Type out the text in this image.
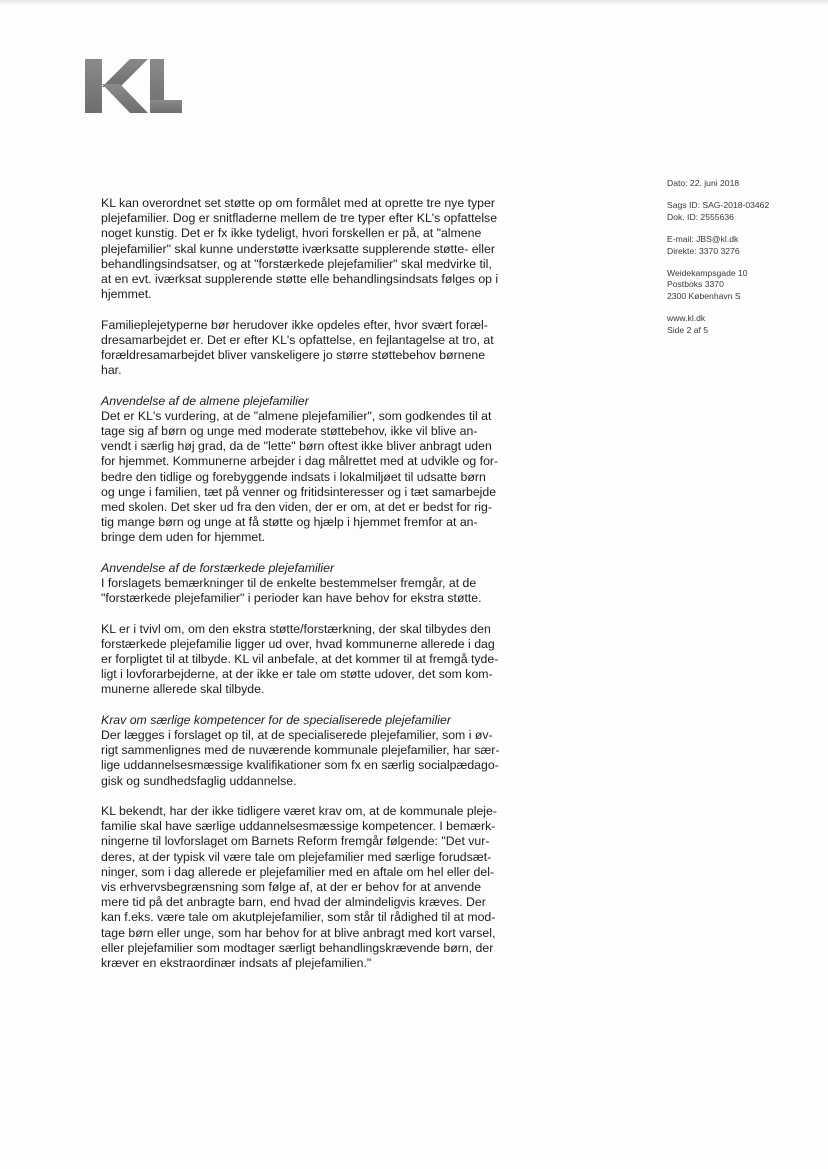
Dato: 22. juni 2018
Sags ID: SAG-2018-03462
Dok. ID: 2555636
E-mail: JBS@kl.dk
Direkte: 3370 3276
Weidekampsgade 10
Postboks 3370
2300 København S
www.kl.dk
Side 2 af 5
KL kan overordnet set støtte op om formålet med at oprette tre nye typer
plejefamilier. Dog er snitfladerne mellem de tre typer efter KL's opfattelse
noget kunstig. Det er fx ikke tydeligt, hvori forskellen er på, at "almene
plejefamilier" skal kunne understøtte iværksatte supplerende støtte- eller
behandlingsindsatser, og at "forstærkede plejefamilier" skal medvirke til,
at en evt. iværksat supplerende støtte elle behandlingsindsats følges op i
hjemmet.
Familieplejetyperne bør herudover ikke opdeles efter, hvor svært foræl-
dresamarbejdet er. Det er efter KL's opfattelse, en fejlantagelse at tro, at
forældresamarbejdet bliver vanskeligere jo større støttebehov børnene
har.
Anvendelse af de almene plejefamilier
Det er KL's vurdering, at de "almene plejefamilier", som godkendes til at
tage sig af børn og unge med moderate støttebehov, ikke vil blive an-
vendt i særlig høj grad, da de "lette" børn oftest ikke bliver anbragt uden
for hjemmet. Kommunerne arbejder i dag målrettet med at udvikle og for-
bedre den tidlige og forebyggende indsats i lokalmiljøet til udsatte børn
og unge i familien, tæt på venner og fritidsinteresser og i tæt samarbejde
med skolen. Det sker ud fra den viden, der er om, at det er bedst for rig-
tig mange børn og unge at få støtte og hjælp i hjemmet fremfor at an-
bringe dem uden for hjemmet.
Anvendelse af de forstærkede plejefamilier
I forslagets bemærkninger til de enkelte bestemmelser fremgår, at de
"forstærkede plejefamilier" i perioder kan have behov for ekstra støtte.
KL er i tvivl om, om den ekstra støtte/forstærkning, der skal tilbydes den
forstærkede plejefamilie ligger ud over, hvad kommunerne allerede i dag
er forpligtet til at tilbyde. KL vil anbefale, at det kommer til at fremgå tyde-
ligt i lovforarbejderne, at der ikke er tale om støtte udover, det som kom-
munerne allerede skal tilbyde.
Krav om særlige kompetencer for de specialiserede plejefamilier
Der lægges i forslaget op til, at de specialiserede plejefamilier, som i øv-
rigt sammenlignes med de nuværende kommunale plejefamilier, har sær-
lige uddannelsesmæssige kvalifikationer som fx en særlig socialpædago-
gisk og sundhedsfaglig uddannelse.
KL bekendt, har der ikke tidligere været krav om, at de kommunale pleje-
familie skal have særlige uddannelsesmæssige kompetencer. I bemærk-
ningerne til lovforslaget om Barnets Reform fremgår følgende: "Det vur-
deres, at der typisk vil være tale om plejefamilier med særlige forudsæt-
ninger, som i dag allerede er plejefamilier med en aftale om hel eller del-
vis erhvervsbegrænsning som følge af, at der er behov for at anvende
mere tid på det anbragte barn, end hvad der almindeligvis kræves. Der
kan f.eks. være tale om akutplejefamilier, som står til rådighed til at mod-
tage børn eller unge, som har behov for at blive anbragt med kort varsel,
eller plejefamilier som modtager særligt behandlingskrævende børn, der
kræver en ekstraordinær indsats af plejefamilien."
